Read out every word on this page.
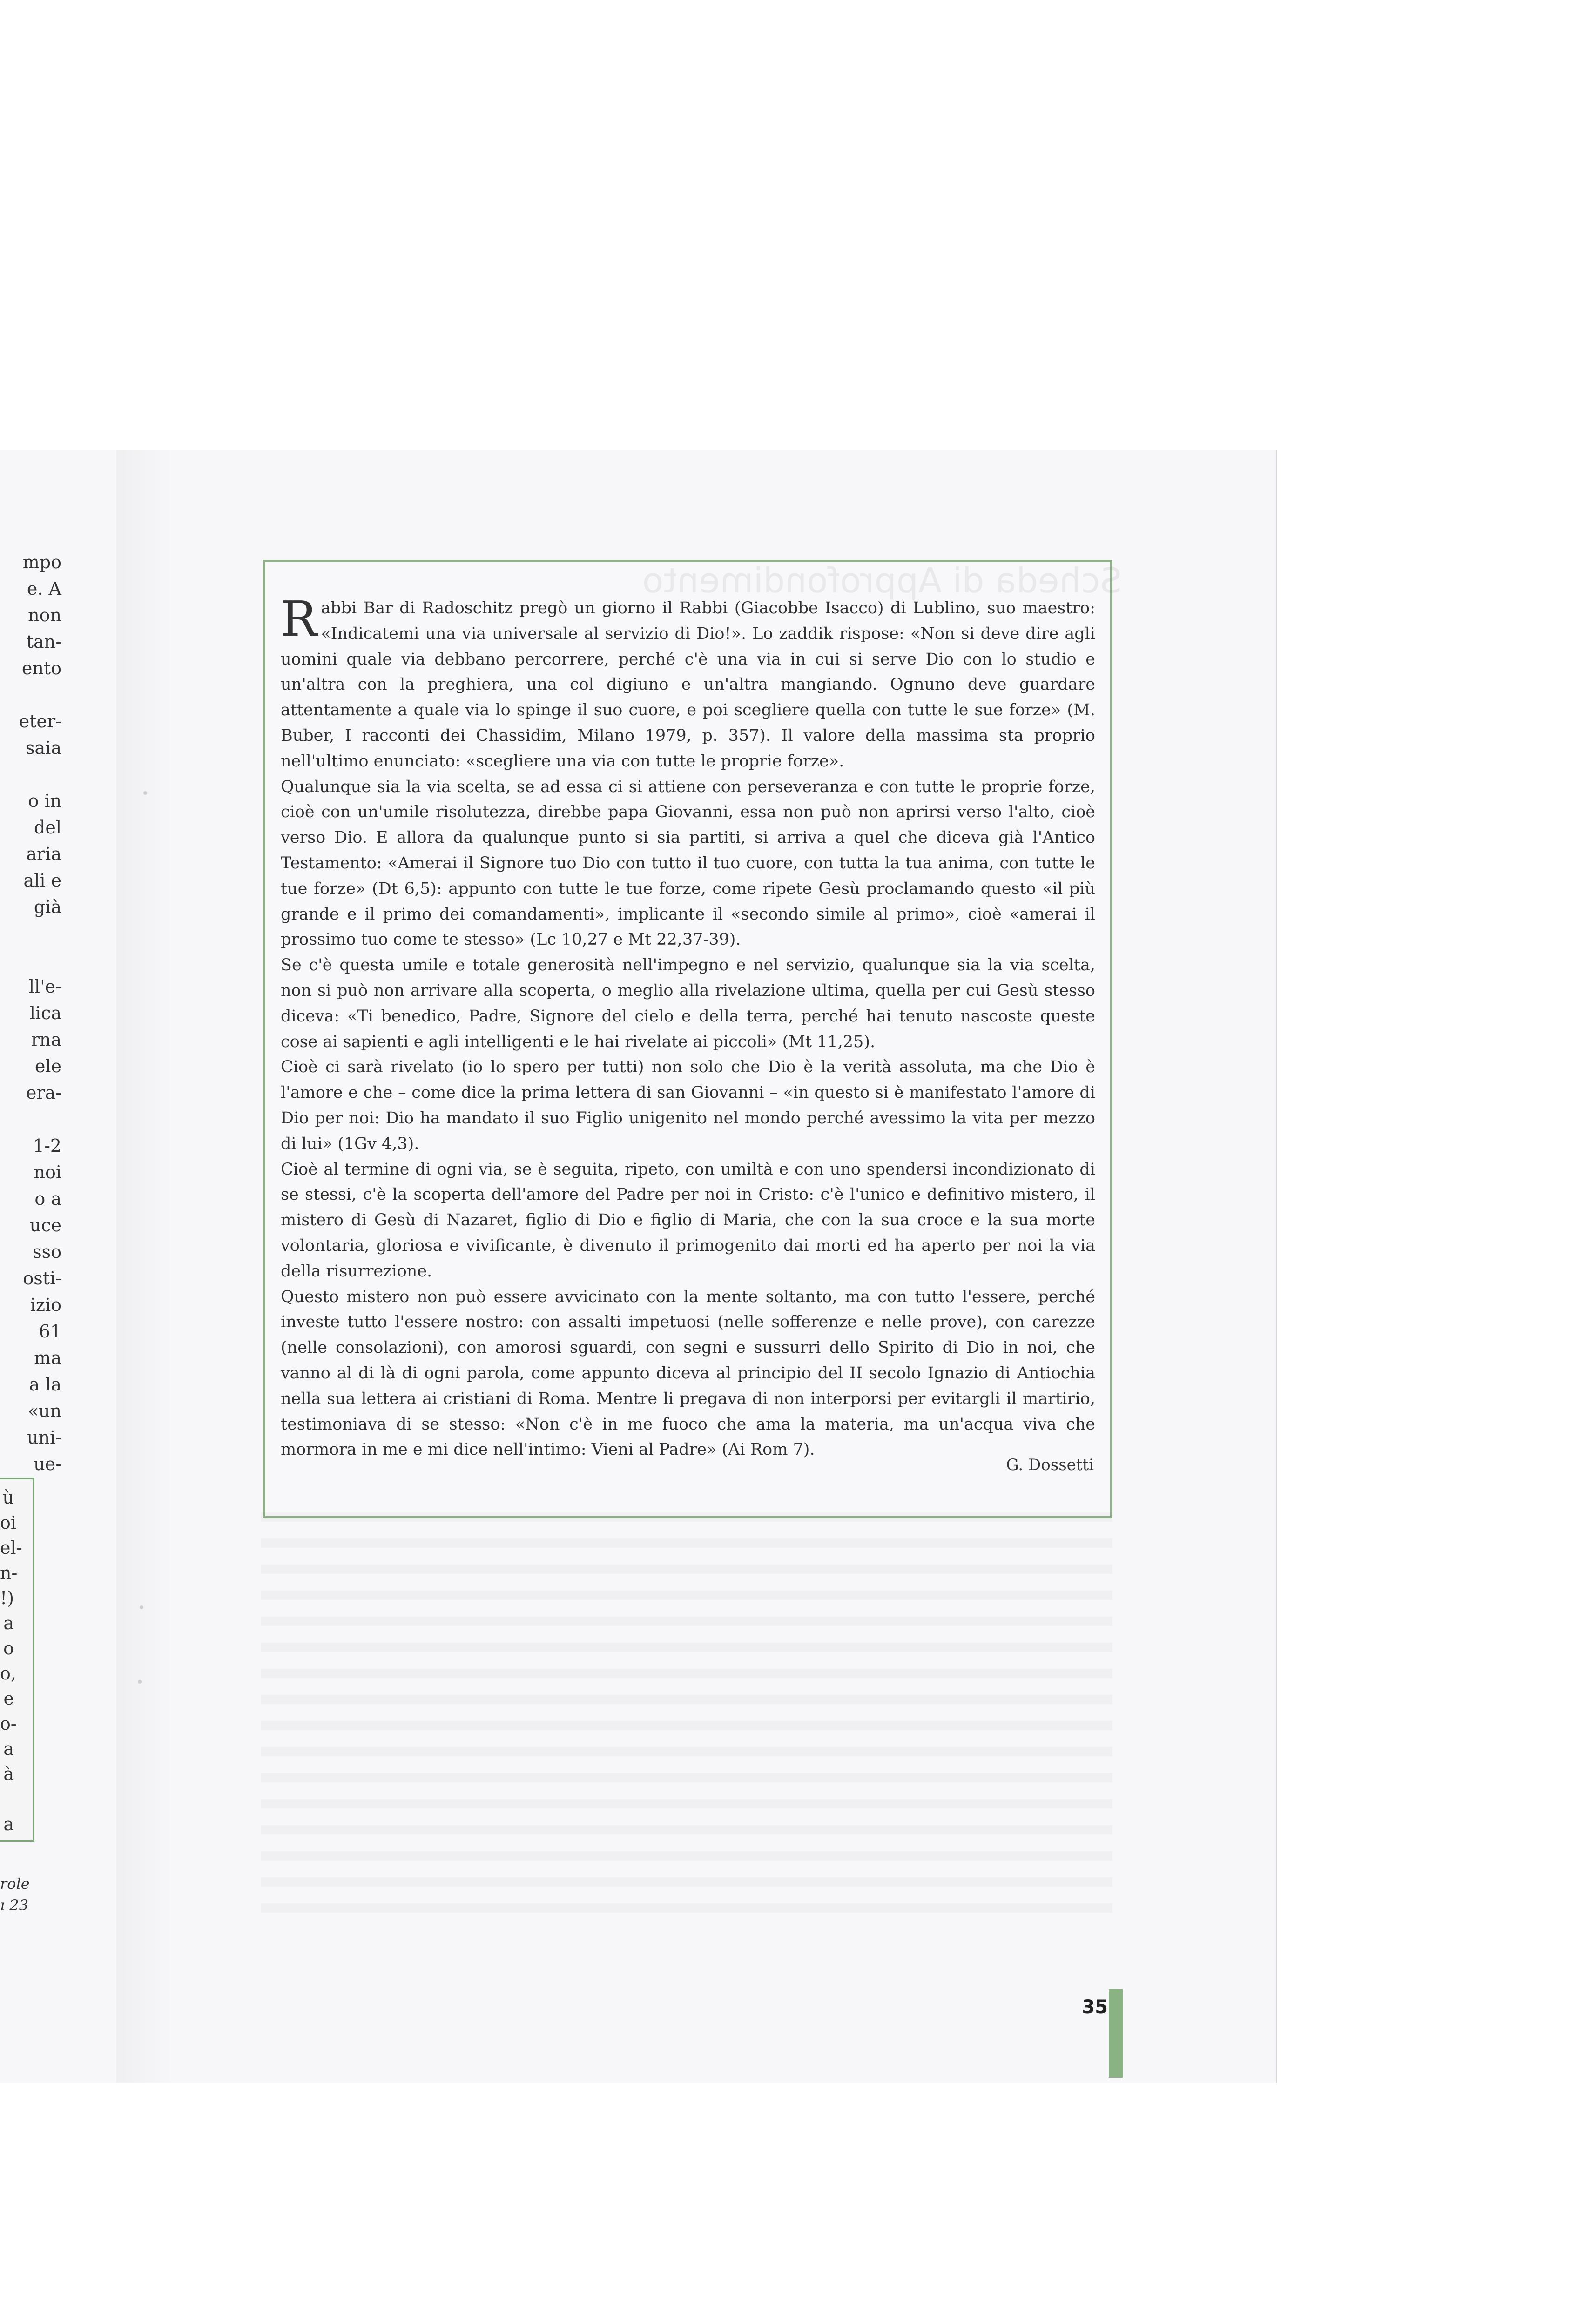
mpo
e. A
non
tan-
ento
eter-
saia
o in
del
aria
ali e
già
ll'e-
lica
rna
ele
era-
1-2
noi
o a
uce
sso
osti-
izio
61
ma
a la
«un
uni-
ue-
ù
oi
el-
n-
!)
a
o
o,
e
o-
a
à
a
role
ı 23
Scheda di Approfondimento

Rabbi Bar di Radoschitz pregò un giorno il Rabbi (Giacobbe Isacco) di Lublino, suo maestro: «Indicatemi una via universale al servizio di Dio!». Lo zaddik rispose: «Non si deve dire agli uomini quale via debbano percorrere, perché c'è una via in cui si serve Dio con lo studio e un'altra con la preghiera, una col digiuno e un'altra mangiando. Ognuno deve guardare attentamente a quale via lo spinge il suo cuore, e poi scegliere quella con tutte le sue forze» (M. Buber, I racconti dei Chassidim, Milano 1979, p. 357). Il valore della massima sta proprio nell'ultimo enunciato: «scegliere una via con tutte le proprie forze».

Qualunque sia la via scelta, se ad essa ci si attiene con perseveranza e con tutte le proprie forze, cioè con un'umile risolutezza, direbbe papa Giovanni, essa non può non aprirsi verso l'alto, cioè verso Dio. E allora da qualunque punto si sia partiti, si arriva a quel che diceva già l'Antico Testamento: «Amerai il Signore tuo Dio con tutto il tuo cuore, con tutta la tua anima, con tutte le tue forze» (Dt 6,5): appunto con tutte le tue forze, come ripete Gesù proclamando questo «il più grande e il primo dei comandamenti», implicante il «secondo simile al primo», cioè «amerai il prossimo tuo come te stesso» (Lc 10,27 e Mt 22,37-39).

Se c'è questa umile e totale generosità nell'impegno e nel servizio, qualunque sia la via scelta, non si può non arrivare alla scoperta, o meglio alla rivelazione ultima, quella per cui Gesù stesso diceva: «Ti benedico, Padre, Signore del cielo e della terra, perché hai tenuto nascoste queste cose ai sapienti e agli intelligenti e le hai rivelate ai piccoli» (Mt 11,25).

Cioè ci sarà rivelato (io lo spero per tutti) non solo che Dio è la verità assoluta, ma che Dio è l'amore e che – come dice la prima lettera di san Giovanni – «in questo si è manifestato l'amore di Dio per noi: Dio ha mandato il suo Figlio unigenito nel mondo perché avessimo la vita per mezzo di lui» (1Gv 4,3).

Cioè al termine di ogni via, se è seguita, ripeto, con umiltà e con uno spendersi incondizionato di se stessi, c'è la scoperta dell'amore del Padre per noi in Cristo: c'è l'unico e definitivo mistero, il mistero di Gesù di Nazaret, figlio di Dio e figlio di Maria, che con la sua croce e la sua morte volontaria, gloriosa e vivificante, è divenuto il primogenito dai morti ed ha aperto per noi la via della risurrezione.

Questo mistero non può essere avvicinato con la mente soltanto, ma con tutto l'essere, perché investe tutto l'essere nostro: con assalti impetuosi (nelle sofferenze e nelle prove), con carezze (nelle consolazioni), con amorosi sguardi, con segni e sussurri dello Spirito di Dio in noi, che vanno al di là di ogni parola, come appunto diceva al principio del II secolo Ignazio di Antiochia nella sua lettera ai cristiani di Roma. Mentre li pregava di non interporsi per evitargli il martirio, testimoniava di se stesso: «Non c'è in me fuoco che ama la materia, ma un'acqua viva che mormora in me e mi dice nell'intimo: Vieni al Padre» (Ai Rom 7).

G. Dossetti
35
